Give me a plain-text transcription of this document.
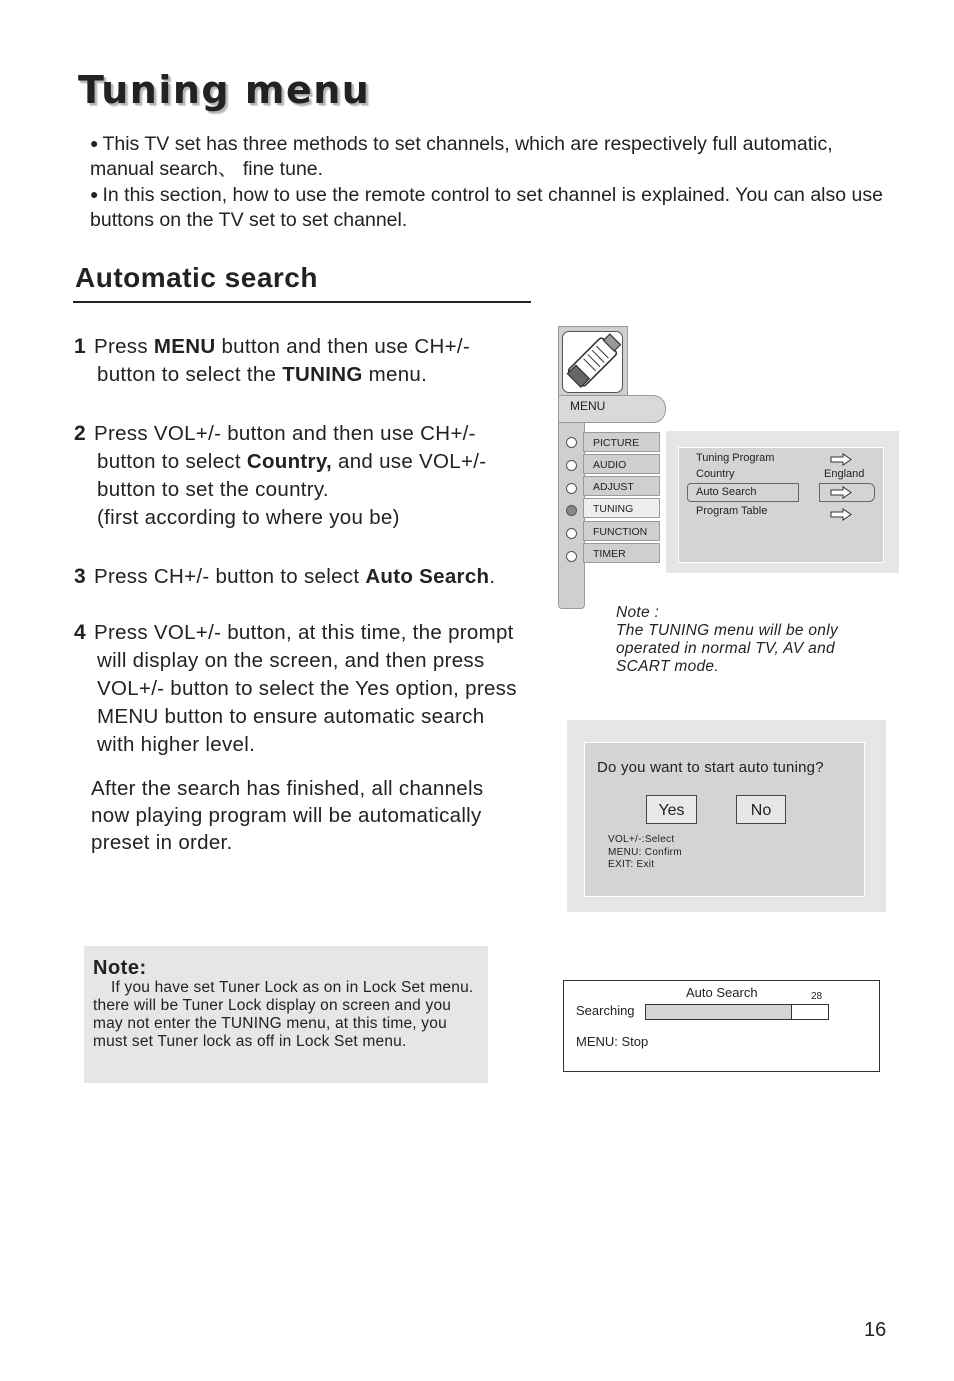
Tuning menu

● This TV set has three methods to set channels, which are respectively full automatic, manual search、 fine tune.

● In this section, how to use the remote control to set channel is explained. You can also use buttons on the TV set to set channel.

Automatic search
1 Press MENU button and then use CH+/-
button to select the TUNING menu.
2 Press VOL+/- button and then use CH+/-
button to select Country, and use VOL+/-
button to set the country.
(first according to where you be)
3 Press CH+/- button to select Auto Search.
4 Press VOL+/- button, at this time, the prompt
will display on the screen, and then press
VOL+/- button to select the Yes option, press
MENU button to ensure automatic search
with higher level.
After the search has finished, all channels
now playing program will be automatically
preset in order.
Note:
If you have set Tuner Lock as on in Lock Set menu. there will be Tuner Lock display on screen and you may not enter the TUNING menu, at this time, you must set Tuner lock as off in Lock Set menu.
MENU
PICTURE
AUDIO
ADJUST
TUNING
FUNCTION
TIMER
Tuning Program
Country	England
Auto Search
Program Table
Note :
The TUNING menu will be only
operated in normal TV, AV and
SCART mode.
Do you want to start auto tuning?
Yes	No
VOL+/-:Select
MENU: Confirm
EXIT: Exit
Auto Search	28
Searching
MENU: Stop
16
